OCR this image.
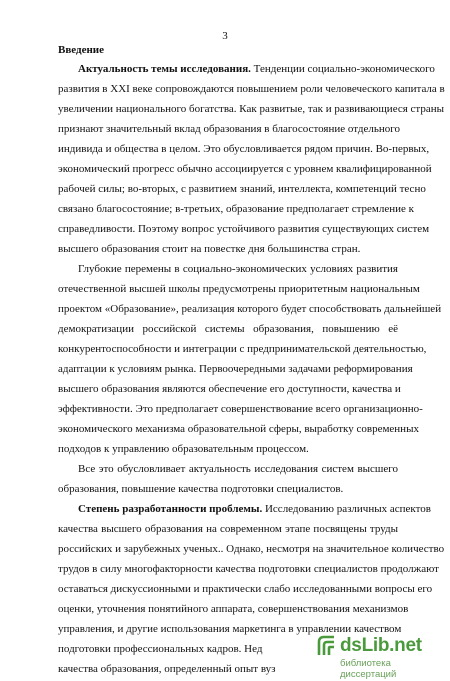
3
Введение
Актуальность темы исследования. Тенденции социально-экономического
развития в XXI веке сопровождаются повышением роли человеческого капитала в
увеличении национального богатства. Как развитые, так и развивающиеся страны
признают значительный вклад образования в благосостояние отдельного
индивида и общества в целом. Это обусловливается рядом причин. Во-первых,
экономический прогресс обычно ассоциируется с уровнем квалифицированной
рабочей силы; во-вторых, с развитием знаний, интеллекта, компетенций тесно
связано благосостояние; в-третьих, образование предполагает стремление к
справедливости. Поэтому вопрос устойчивого развития существующих систем
высшего образования стоит на повестке дня большинства стран.
Глубокие перемены в социально-экономических условиях развития
отечественной высшей школы предусмотрены приоритетным национальным
проектом «Образование», реализация которого будет способствовать дальнейшей
демократизации российской системы образования, повышению её
конкурентоспособности и интеграции с предпринимательской деятельностью,
адаптации к условиям рынка. Первоочередными задачами реформирования
высшего образования являются обеспечение его доступности, качества и
эффективности. Это предполагает совершенствование всего организационно-
экономического механизма образовательной сферы, выработку современных
подходов к управлению образовательным процессом.
Все это обусловливает актуальность исследования систем высшего
образования, повышение качества подготовки специалистов.
Степень разработанности проблемы. Исследованию различных аспектов
качества высшего образования на современном этапе посвящены труды
российских и зарубежных ученых.. Однако, несмотря на значительное количество
трудов в силу многофакторности качества подготовки специалистов продолжают
оставаться дискуссионными и практически слабо исследованными вопросы его
оценки, уточнения понятийного аппарата, совершенствования механизмов
управления, и другие использования маркетинга в управлении качеством
подготовки профессиональных кадров. Нед
качества образования, определенный опыт вуз
dsLib.net
библиотека диссертаций
